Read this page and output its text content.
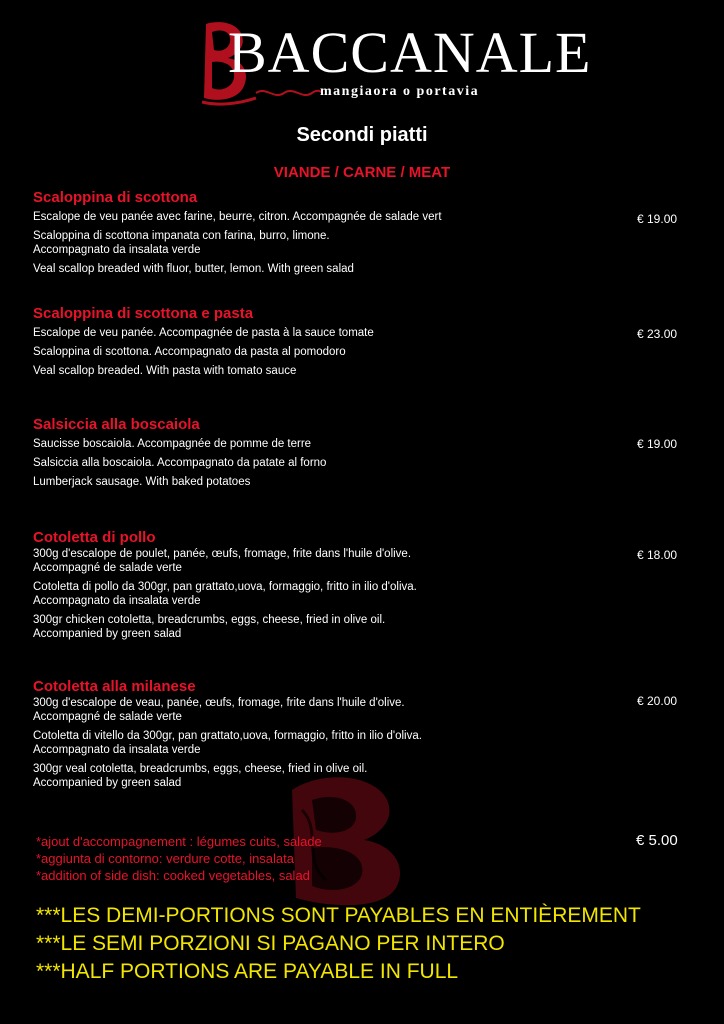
BACCANALE
mangiaora o portavia
Secondi piatti
VIANDE / CARNE / MEAT
Scaloppina di scottona
Escalope de veu panée avec farine, beurre, citron. Accompagnée de salade vert
Scaloppina di scottona impanata con farina, burro, limone.
Accompagnato da insalata verde
Veal scallop breaded with fluor, butter, lemon. With green salad
€ 19.00
Scaloppina di scottona e pasta
Escalope de veu panée. Accompagnée de pasta à la sauce tomate
Scaloppina di scottona. Accompagnato da pasta al pomodoro
Veal scallop breaded. With pasta with tomato sauce
€ 23.00
Salsiccia alla boscaiola
Saucisse boscaiola. Accompagnée de pomme de terre
Salsiccia alla boscaiola. Accompagnato da patate al forno
Lumberjack sausage. With baked potatoes
€ 19.00
Cotoletta di pollo
300g d'escalope de poulet, panée, œufs, fromage, frite dans l'huile d'olive.
Accompagné de salade verte
Cotoletta di pollo da 300gr, pan grattato,uova, formaggio, fritto in ilio d'oliva.
Accompagnato da insalata verde
300gr chicken cotoletta, breadcrumbs, eggs, cheese, fried in olive oil.
Accompanied by green salad
€ 18.00
Cotoletta alla milanese
300g d'escalope de veau, panée, œufs, fromage, frite dans l'huile d'olive.
Accompagné de salade verte
Cotoletta di vitello da 300gr, pan grattato,uova, formaggio, fritto in ilio d'oliva.
Accompagnato da insalata verde
300gr veal cotoletta, breadcrumbs, eggs, cheese, fried in olive oil.
Accompanied by green salad
€ 20.00
*ajout d'accompagnement : légumes cuits, salade
*aggiunta di contorno: verdure cotte, insalata
*addition of side dish: cooked vegetables, salad
€ 5.00
***LES DEMI-PORTIONS SONT PAYABLES EN ENTIÈREMENT
***LE SEMI PORZIONI SI PAGANO PER INTERO
***HALF PORTIONS ARE PAYABLE IN FULL
